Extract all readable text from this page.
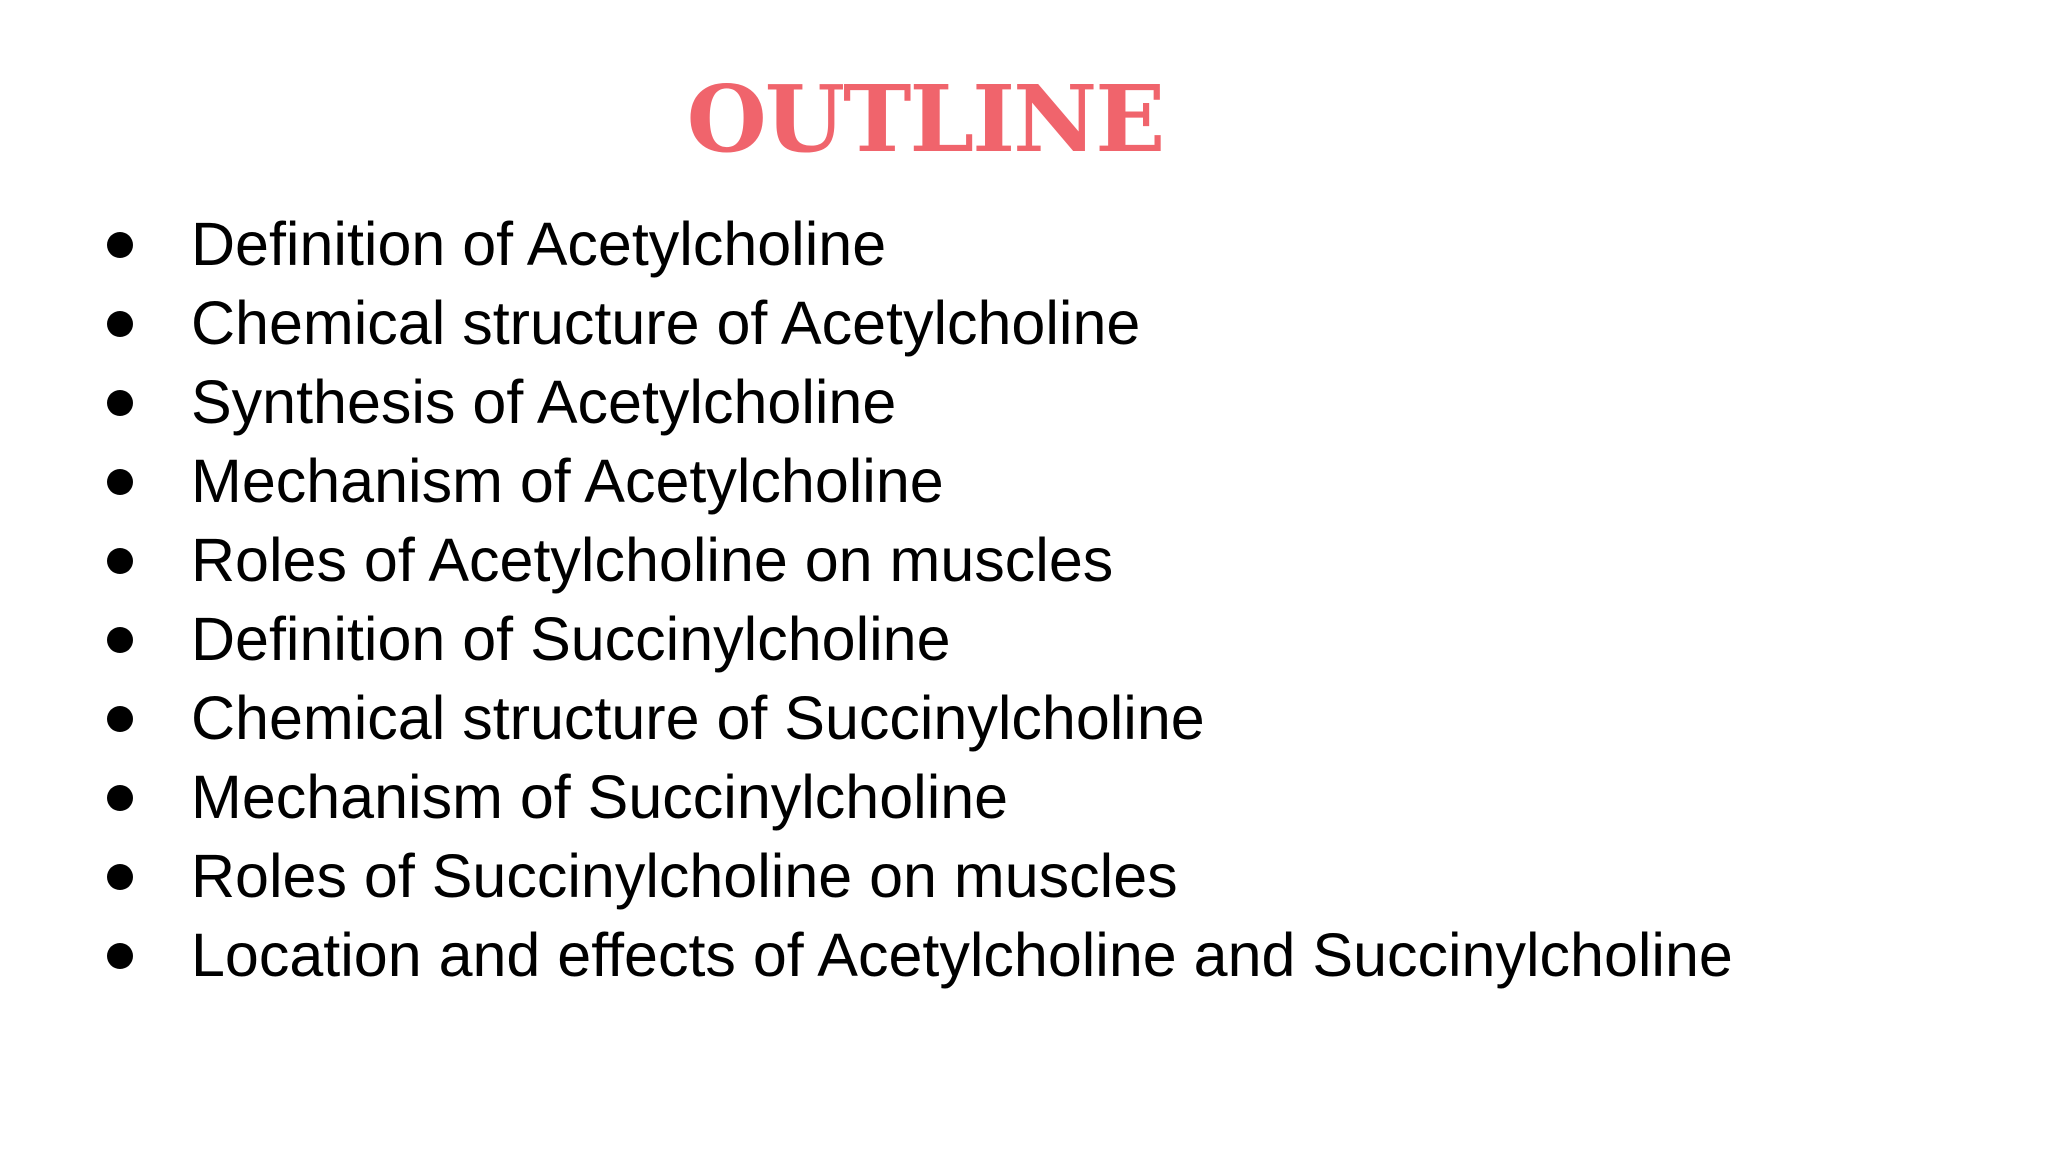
OUTLINE
Definition of Acetylcholine
Chemical structure of Acetylcholine
Synthesis of Acetylcholine
Mechanism of Acetylcholine
Roles of Acetylcholine on muscles
Definition of Succinylcholine
Chemical structure of Succinylcholine
Mechanism of Succinylcholine
Roles of Succinylcholine on muscles
Location and effects of Acetylcholine and Succinylcholine
